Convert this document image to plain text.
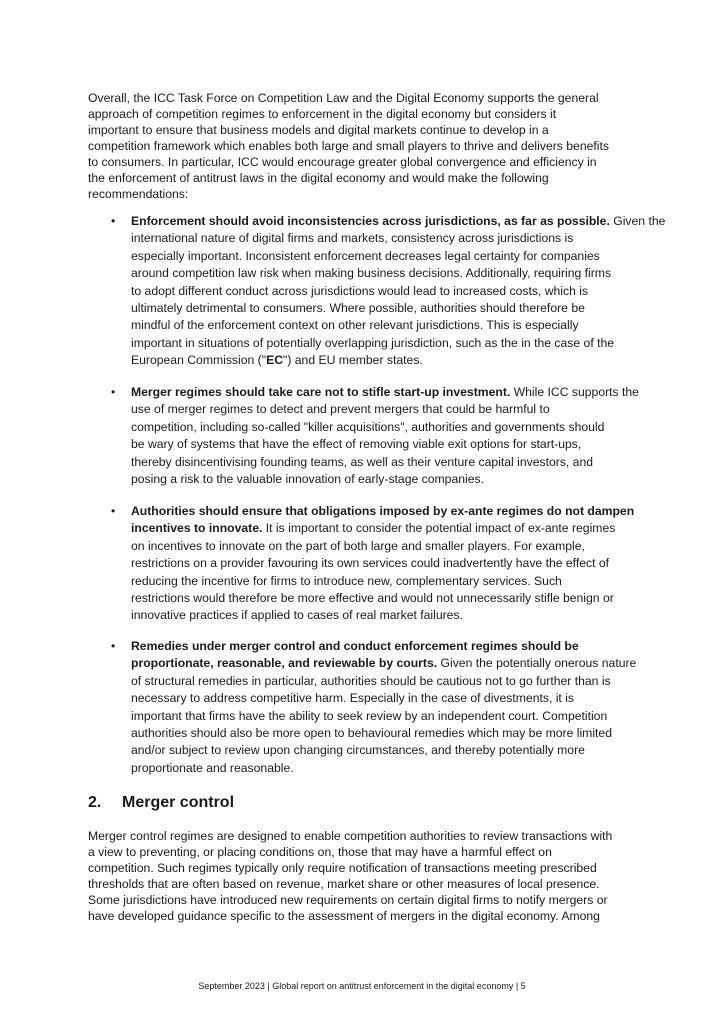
Overall, the ICC Task Force on Competition Law and the Digital Economy supports the general
approach of competition regimes to enforcement in the digital economy but considers it
important to ensure that business models and digital markets continue to develop in a
competition framework which enables both large and small players to thrive and delivers benefits
to consumers. In particular, ICC would encourage greater global convergence and efficiency in
the enforcement of antitrust laws in the digital economy and would make the following
recommendations:
• Enforcement should avoid inconsistencies across jurisdictions, as far as possible. Given the
international nature of digital firms and markets, consistency across jurisdictions is
especially important. Inconsistent enforcement decreases legal certainty for companies
around competition law risk when making business decisions. Additionally, requiring firms
to adopt different conduct across jurisdictions would lead to increased costs, which is
ultimately detrimental to consumers. Where possible, authorities should therefore be
mindful of the enforcement context on other relevant jurisdictions. This is especially
important in situations of potentially overlapping jurisdiction, such as the in the case of the
European Commission ("EC") and EU member states.
• Merger regimes should take care not to stifle start-up investment. While ICC supports the
use of merger regimes to detect and prevent mergers that could be harmful to
competition, including so-called "killer acquisitions", authorities and governments should
be wary of systems that have the effect of removing viable exit options for start-ups,
thereby disincentivising founding teams, as well as their venture capital investors, and
posing a risk to the valuable innovation of early-stage companies.
• Authorities should ensure that obligations imposed by ex-ante regimes do not dampen
incentives to innovate. It is important to consider the potential impact of ex-ante regimes
on incentives to innovate on the part of both large and smaller players. For example,
restrictions on a provider favouring its own services could inadvertently have the effect of
reducing the incentive for firms to introduce new, complementary services. Such
restrictions would therefore be more effective and would not unnecessarily stifle benign or
innovative practices if applied to cases of real market failures.
• Remedies under merger control and conduct enforcement regimes should be
proportionate, reasonable, and reviewable by courts. Given the potentially onerous nature
of structural remedies in particular, authorities should be cautious not to go further than is
necessary to address competitive harm. Especially in the case of divestments, it is
important that firms have the ability to seek review by an independent court. Competition
authorities should also be more open to behavioural remedies which may be more limited
and/or subject to review upon changing circumstances, and thereby potentially more
proportionate and reasonable.
2. Merger control
Merger control regimes are designed to enable competition authorities to review transactions with
a view to preventing, or placing conditions on, those that may have a harmful effect on
competition. Such regimes typically only require notification of transactions meeting prescribed
thresholds that are often based on revenue, market share or other measures of local presence.
Some jurisdictions have introduced new requirements on certain digital firms to notify mergers or
have developed guidance specific to the assessment of mergers in the digital economy. Among
September 2023 | Global report on antitrust enforcement in the digital economy | 5
